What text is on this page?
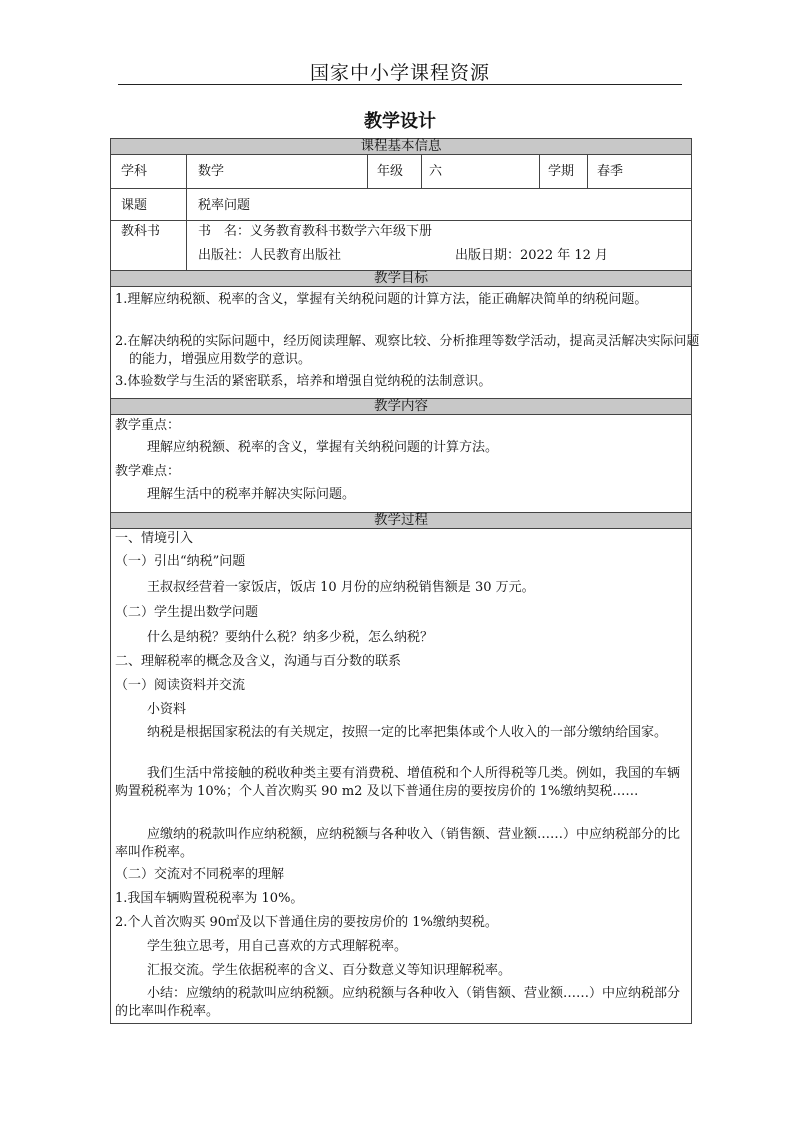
国家中小学课程资源
教学设计
课程基本信息
学科	数学	年级 六	学期 春季
课题	税率问题
教科书	书　名：义务教育教科书数学六年级下册
出版社：人民教育出版社	出版日期：2022 年 12 月
教学目标
1.理解应纳税额、税率的含义，掌握有关纳税问题的计算方法，能正确解决简单的纳税问题。
2.在解决纳税的实际问题中，经历阅读理解、观察比较、分析推理等数学活动，提高灵活解决实际问题的能力，增强应用数学的意识。
3.体验数学与生活的紧密联系，培养和增强自觉纳税的法制意识。
教学内容
教学重点：
理解应纳税额、税率的含义，掌握有关纳税问题的计算方法。
教学难点：
理解生活中的税率并解决实际问题。
教学过程
一、情境引入
（一）引出“纳税”问题
王叔叔经营着一家饭店，饭店 10 月份的应纳税销售额是 30 万元。
（二）学生提出数学问题
什么是纳税？要纳什么税？纳多少税，怎么纳税？
二、理解税率的概念及含义，沟通与百分数的联系
（一）阅读资料并交流
小资料
纳税是根据国家税法的有关规定，按照一定的比率把集体或个人收入的一部分缴纳给国家。
我们生活中常接触的税收种类主要有消费税、增值税和个人所得税等几类。例如，我国的车辆购置税税率为 10%；个人首次购买 90 m2 及以下普通住房的要按房价的 1%缴纳契税……
应缴纳的税款叫作应纳税额，应纳税额与各种收入（销售额、营业额……）中应纳税部分的比率叫作税率。
（二）交流对不同税率的理解
1.我国车辆购置税税率为 10%。
2.个人首次购买 90㎡及以下普通住房的要按房价的 1%缴纳契税。
学生独立思考，用自己喜欢的方式理解税率。
汇报交流。学生依据税率的含义、百分数意义等知识理解税率。
小结：应缴纳的税款叫应纳税额。应纳税额与各种收入（销售额、营业额……）中应纳税部分的比率叫作税率。
